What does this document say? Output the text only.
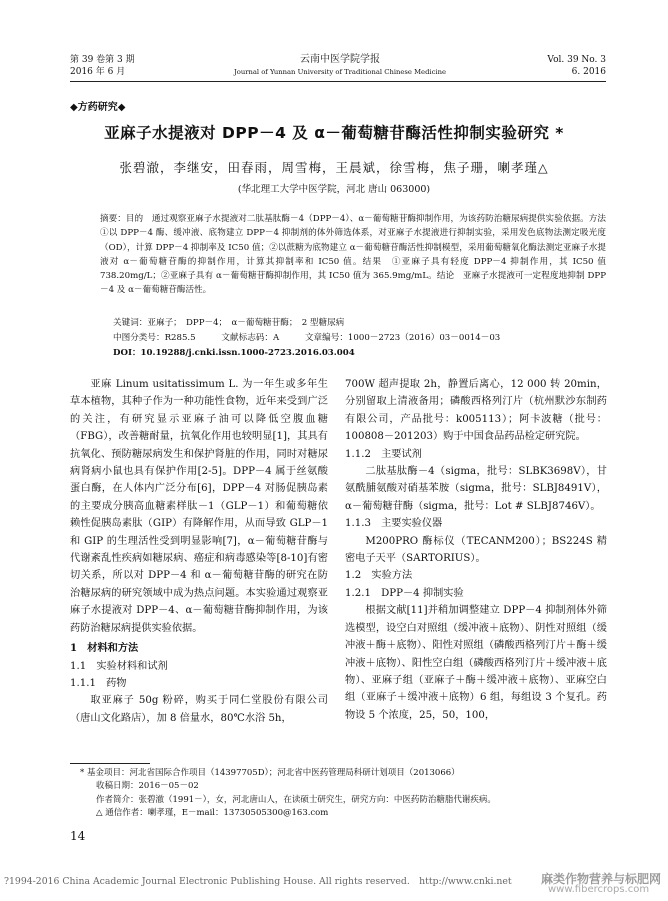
第 39 卷第 3 期
2016 年 6 月
云南中医学院学报
Journal of Yunnan University of Traditional Chinese Medicine
Vol. 39 No. 3
6. 2016
◆方药研究◆
亚麻子水提液对 DPP－4 及 α－葡萄糖苷酶活性抑制实验研究 *
张碧澈，李继安，田春雨，周雪梅，王晨斌，徐雪梅，焦子珊，喇孝瑾△
(华北理工大学中医学院，河北 唐山 063000)
摘要：目的　通过观察亚麻子水提液对二肽基肽酶－4（DPP－4）、α－葡萄糖苷酶抑制作用，为该药防治糖尿病提供实验依据。方法　①以 DPP－4 酶、缓冲液、底物建立 DPP－4 抑制剂的体外筛选体系，对亚麻子水提液进行抑制实验，采用发色底物法测定吸光度（OD），计算 DPP－4 抑制率及 IC50 值；②以蔗糖为底物建立 α－葡萄糖苷酶活性抑制模型，采用葡萄糖氧化酶法测定亚麻子水提液对 α－葡萄糖苷酶的抑制作用，计算其抑制率和 IC50 值。结果　①亚麻子具有轻度 DPP－4 抑制作用，其 IC50 值 738.20mg/L；②亚麻子具有 α－葡萄糖苷酶抑制作用，其 IC50 值为 365.9mg/mL。结论　亚麻子水提液可一定程度地抑制 DPP－4 及 α－葡萄糖苷酶活性。
关键词：亚麻子；　DPP－4；　α－葡萄糖苷酶；　2 型糖尿病
中图分类号：R285.5　　　文献标志码：A　　　文章编号：1000－2723（2016）03－0014－03
DOI：10.19288/j.cnki.issn.1000-2723.2016.03.004

亚麻 Linum usitatissimum L. 为一年生或多年生草本植物，其种子作为一种功能性食物，近年来受到广泛的关注，有研究显示亚麻子油可以降低空腹血糖（FBG），改善糖耐量，抗氧化作用也较明显[1]，其具有抗氧化、预防糖尿病发生和保护肾脏的作用，同时对糖尿病肾病小鼠也具有保护作用[2-5]。DPP－4 属于丝氨酸蛋白酶，在人体内广泛分布[6]，DPP－4 对肠促胰岛素的主要成分胰高血糖素样肽－1（GLP－1）和葡萄糖依赖性促胰岛素肽（GIP）有降解作用，从而导致 GLP－1 和 GIP 的生理活性受到明显影响[7]，α－葡萄糖苷酶与代谢紊乱性疾病如糖尿病、癌症和病毒感染等[8-10]有密切关系，所以对 DPP－4 和 α－葡萄糖苷酶的研究在防治糖尿病的研究领域中成为热点问题。本实验通过观察亚麻子水提液对 DPP－4、α－葡萄糖苷酶抑制作用，为该药防治糖尿病提供实验依据。

1　材料和方法

1.1　实验材料和试剂

1.1.1　药物

取亚麻子 50g 粉碎，购买于同仁堂股份有限公司（唐山文化路店），加 8 倍量水，80℃水浴 5h，

700W 超声提取 2h，静置后离心，12 000 转 20min，分别留取上清液备用；磷酸西格列汀片（杭州默沙东制药有限公司，产品批号：k005113）；阿卡波糖（批号：100808－201203）购于中国食品药品检定研究院。

1.1.2　主要试剂

二肽基肽酶－4（sigma，批号：SLBK3698V），甘氨酰脯氨酸对硝基苯胺（sigma，批号：SLBJ8491V），α－葡萄糖苷酶（sigma，批号：Lot # SLBJ8746V）。

1.1.3　主要实验仪器

M200PRO 酶标仪（TECANM200）；BS224S 精密电子天平（SARTORIUS）。

1.2　实验方法

1.2.1　DPP－4 抑制实验

根据文献[11]并稍加调整建立 DPP－4 抑制剂体外筛选模型，设空白对照组（缓冲液＋底物）、阴性对照组（缓冲液＋酶＋底物）、阳性对照组（磷酸西格列汀片＋酶＋缓冲液＋底物）、阳性空白组（磷酸西格列汀片＋缓冲液＋底物）、亚麻子组（亚麻子＋酶＋缓冲液＋底物）、亚麻空白组（亚麻子＋缓冲液＋底物）6 组，每组设 3 个复孔。药物设 5 个浓度，25，50，100，

* 基金项目：河北省国际合作项目（14397705D）；河北省中医药管理局科研计划项目（2013066）
收稿日期：2016－05－02
作者简介：张碧澈（1991－），女，河北唐山人，在读硕士研究生，研究方向：中医药防治糖脂代谢疾病。
△ 通信作者：喇孝瑾，E－mail：13730505300@163.com
14
?1994-2016 China Academic Journal Electronic Publishing House. All rights reserved.　http://www.cnki.net 麻类作物营养与标肥网
www.fibercrops.com
